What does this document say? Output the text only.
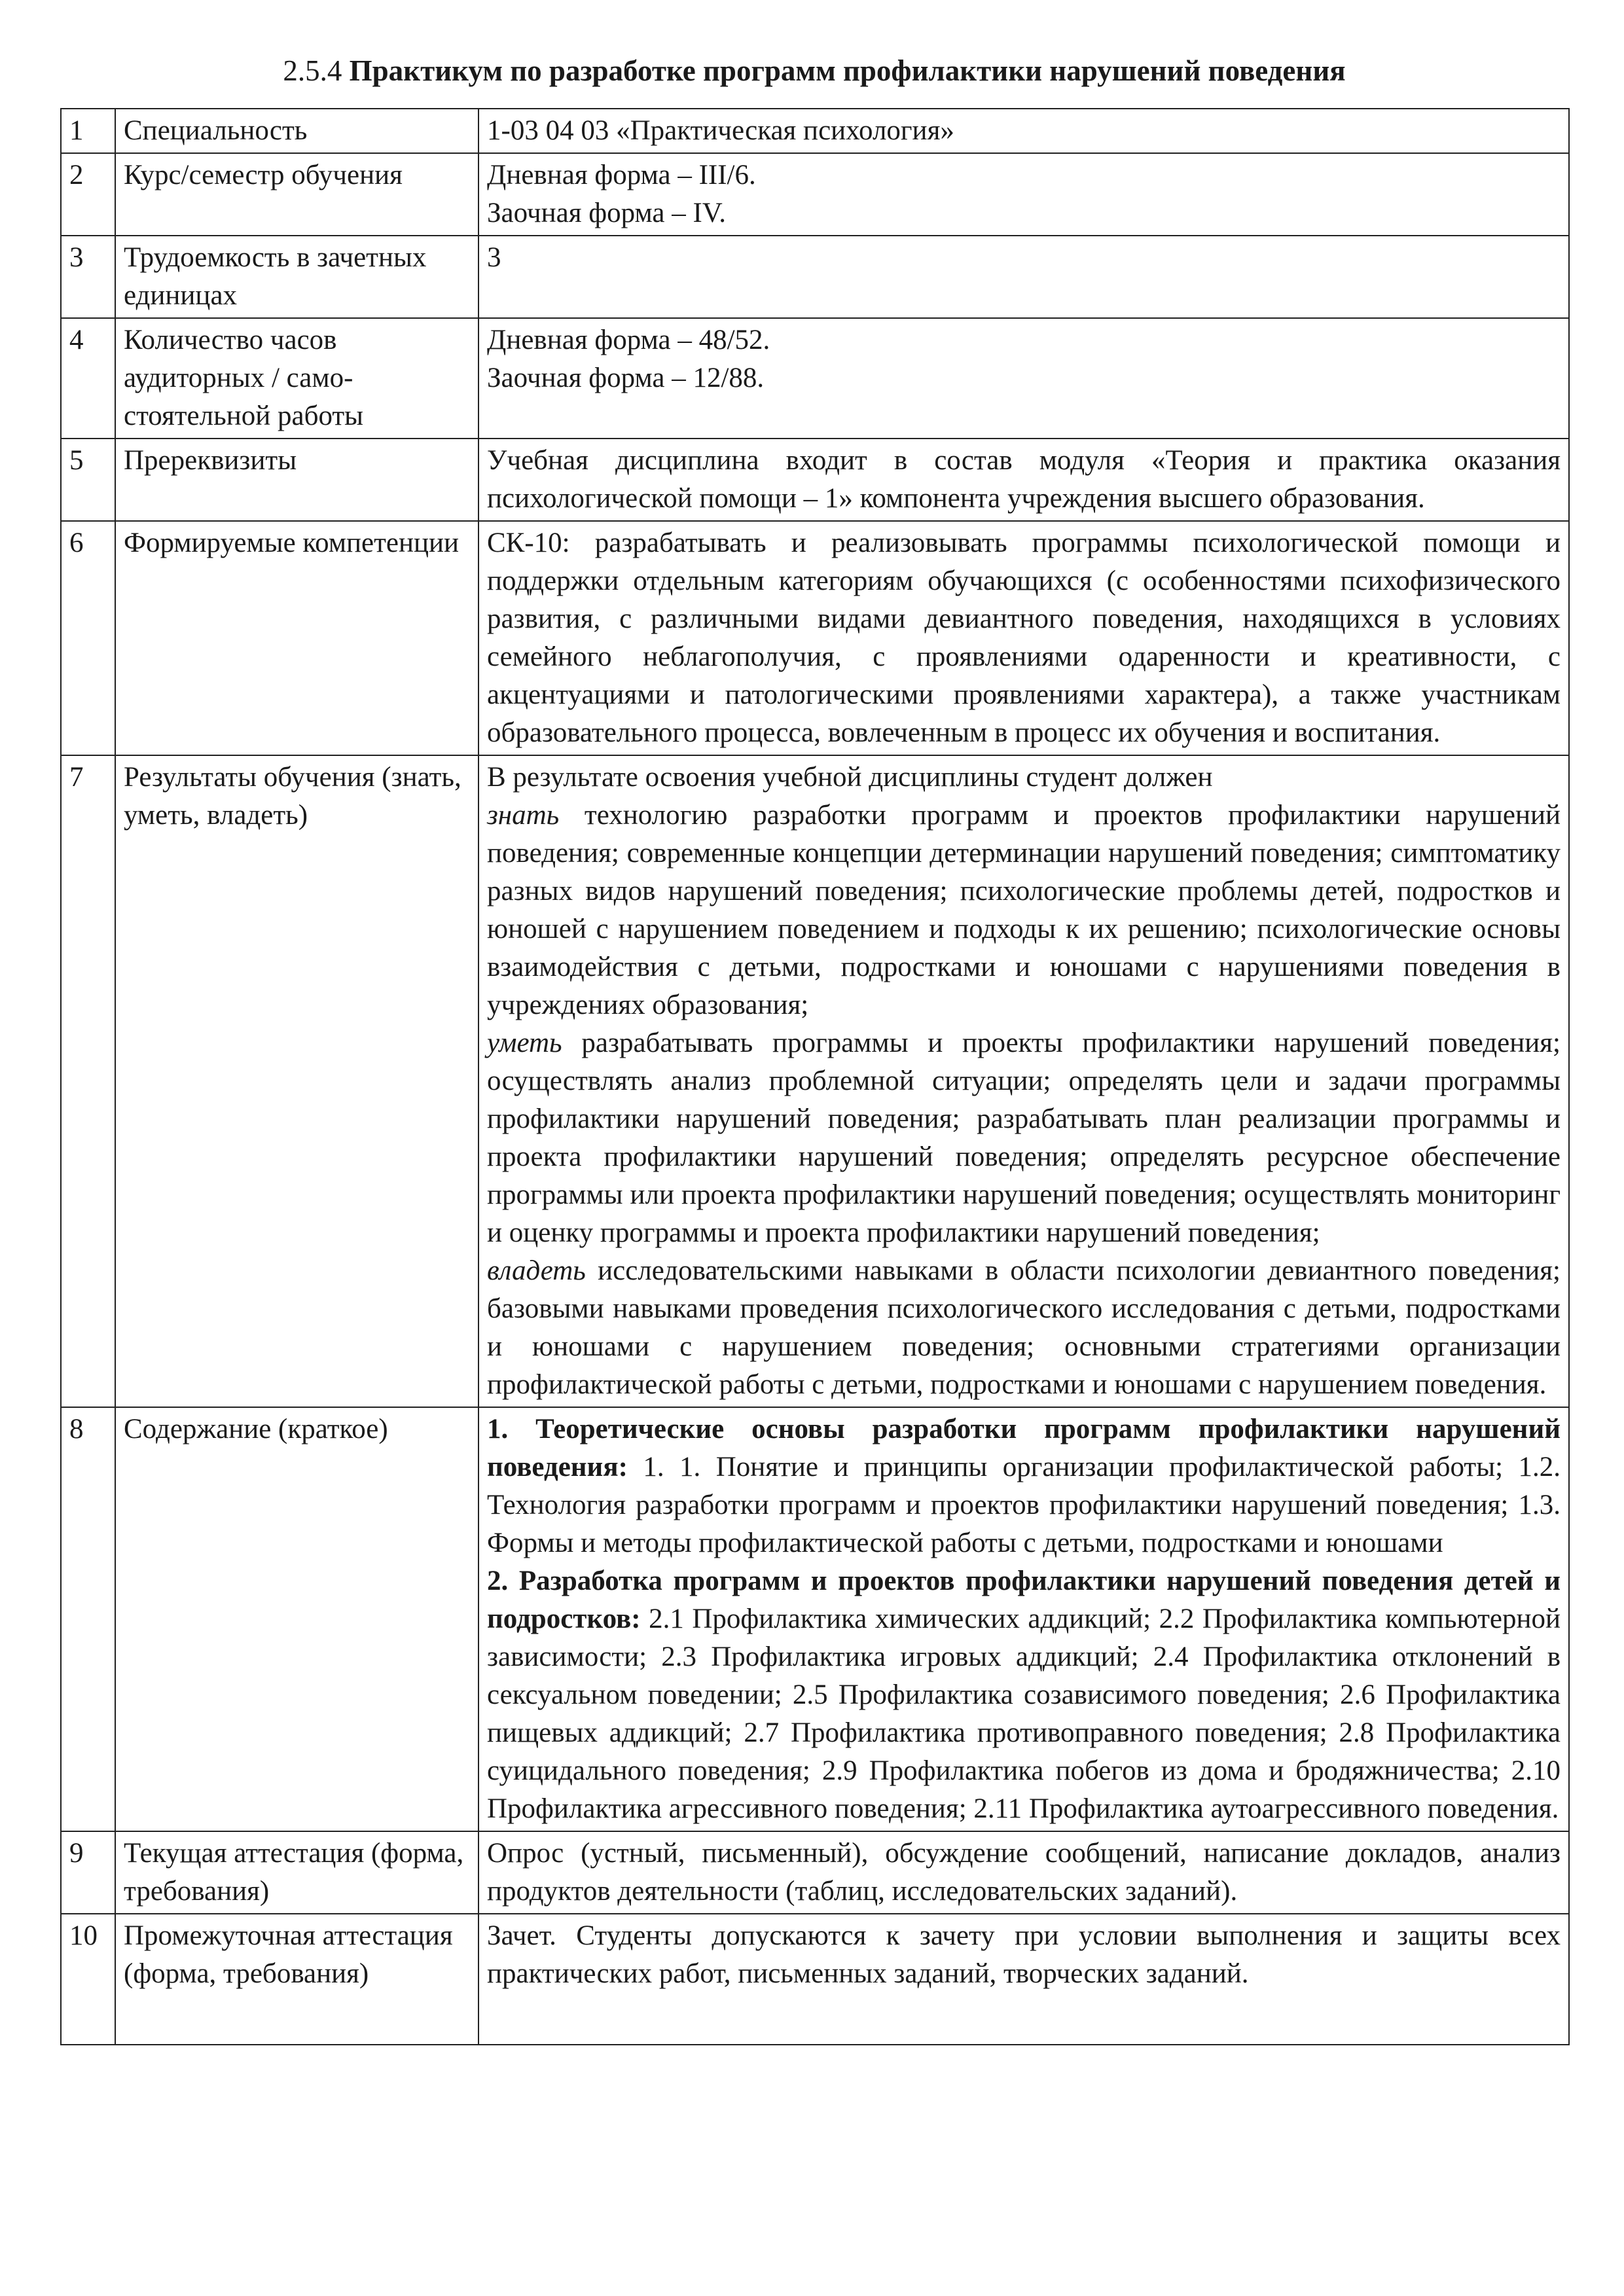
2.5.4 Практикум по разработке программ профилактики нарушений поведения
1	Специальность	1-03 04 03 «Практическая психология»
2	Курс/семестр обучения	Дневная форма – III/6.
Заочная форма – IV.

3	Трудоемкость в зачетных единицах	3
4	Количество часов аудиторных / само-стоятельной работы	Дневная форма – 48/52.
Заочная форма – 12/88.

5	Пререквизиты	Учебная дисциплина входит в состав модуля «Теория и практика оказания психологической помощи – 1» компонента учреждения высшего образования.
6	Формируемые компетенции	СК-10: разрабатывать и реализовывать программы психологической помощи и поддержки отдельным категориям обучающихся (с особенностями психофизического развития, с различными видами девиантного поведения, находящихся в условиях семейного неблагополучия, с проявлениями одаренности и креативности, с акцентуациями и патологическими проявлениями характера), а также участникам образовательного процесса, вовлеченным в процесс их обучения и воспитания.
7	Результаты обучения (знать, уметь, владеть)	В результате освоения учебной дисциплины студент должен
знать технологию разработки программ и проектов профилактики нарушений поведения; современные концепции детерминации нарушений поведения; симптоматику разных видов нарушений поведения; психологические проблемы детей, подростков и юношей с нарушением поведением и подходы к их решению; психологические основы взаимодействия с детьми, подростками и юношами с нарушениями поведения в учреждениях образования;
уметь разрабатывать программы и проекты профилактики нарушений поведения; осуществлять анализ проблемной ситуации; определять цели и задачи программы профилактики нарушений поведения; разрабатывать план реализации программы и проекта профилактики нарушений поведения; определять ресурсное обеспечение программы или проекта профилактики нарушений поведения; осуществлять мониторинг и оценку программы и проекта профилактики нарушений поведения;
владеть исследовательскими навыками в области психологии девиантного поведения; базовыми навыками проведения психологического исследования с детьми, подростками и юношами с нарушением поведения; основными стратегиями организации профилактической работы с детьми, подростками и юношами с нарушением поведения.

8	Содержание (краткое)	1. Теоретические основы разработки программ профилактики нарушений поведения: 1. 1. Понятие и принципы организации профилактической работы; 1.2. Технология разработки программ и проектов профилактики нарушений поведения; 1.3. Формы и методы профилактической работы с детьми, подростками и юношами
2. Разработка программ и проектов профилактики нарушений поведения детей и подростков: 2.1 Профилактика химических аддикций; 2.2 Профилактика компьютерной зависимости; 2.3 Профилактика игровых аддикций; 2.4 Профилактика отклонений в сексуальном поведении; 2.5 Профилактика созависимого поведения; 2.6 Профилактика пищевых аддикций; 2.7 Профилактика противоправного поведения; 2.8 Профилактика суицидального поведения; 2.9 Профилактика побегов из дома и бродяжничества; 2.10 Профилактика агрессивного поведения; 2.11 Профилактика аутоагрессивного поведения.

9	Текущая аттестация (форма, требования)	Опрос (устный, письменный), обсуждение сообщений, написание докладов, анализ продуктов деятельности (таблиц, исследовательских заданий).
10	Промежуточная аттестация (форма, требования)	Зачет. Студенты допускаются к зачету при условии выполнения и защиты всех практических работ, письменных заданий, творческих заданий.
